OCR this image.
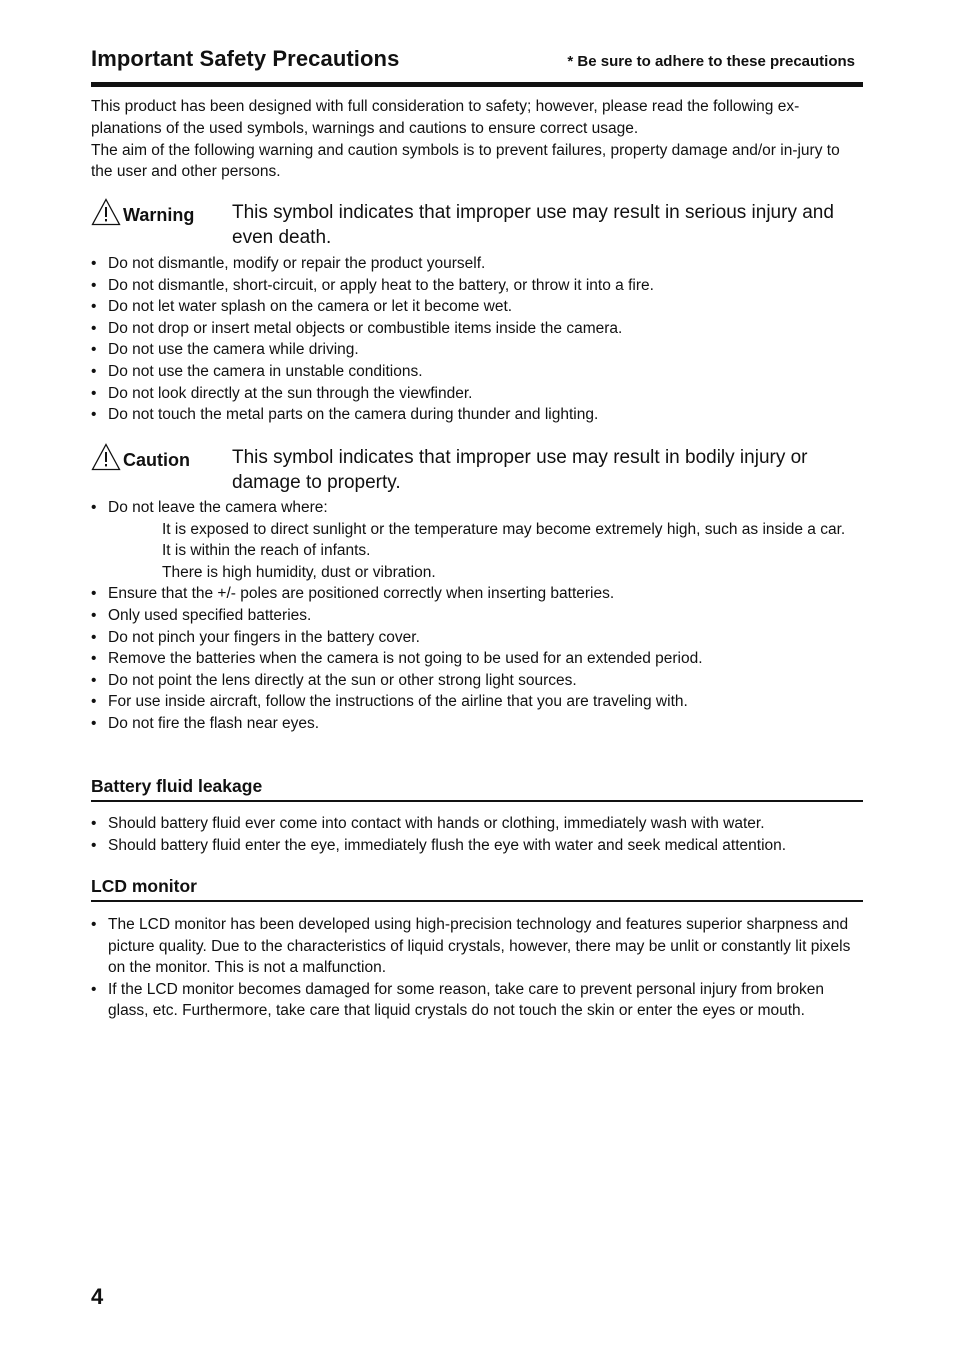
Important Safety Precautions	* Be sure to adhere to these precautions

This product has been designed with full consideration to safety; however, please read the following ex-planations of the used symbols, warnings and cautions to ensure correct usage.

The aim of the following warning and caution symbols is to prevent failures, property damage and/or in-jury to the user and other persons.

Warning This symbol indicates that improper use may result in serious injury and even death.
• Do not dismantle, modify or repair the product yourself.
• Do not dismantle, short-circuit, or apply heat to the battery, or throw it into a fire.
• Do not let water splash on the camera or let it become wet.
• Do not drop or insert metal objects or combustible items inside the camera.
• Do not use the camera while driving.
• Do not use the camera in unstable conditions.
• Do not look directly at the sun through the viewfinder.
• Do not touch the metal parts on the camera during thunder and lighting.
Caution This symbol indicates that improper use may result in bodily injury or damage to property.
• Do not leave the camera where:
It is exposed to direct sunlight or the temperature may become extremely high, such as inside a car.
It is within the reach of infants.
There is high humidity, dust or vibration.
• Ensure that the +/- poles are positioned correctly when inserting batteries.
• Only used specified batteries.
• Do not pinch your fingers in the battery cover.
• Remove the batteries when the camera is not going to be used for an extended period.
• Do not point the lens directly at the sun or other strong light sources.
• For use inside aircraft, follow the instructions of the airline that you are traveling with.
• Do not fire the flash near eyes.
Battery fluid leakage
• Should battery fluid ever come into contact with hands or clothing, immediately wash with water.
• Should battery fluid enter the eye, immediately flush the eye with water and seek medical attention.
LCD monitor
• The LCD monitor has been developed using high-precision technology and features superior sharpness and picture quality. Due to the characteristics of liquid crystals, however, there may be unlit or constantly lit pixels on the monitor. This is not a malfunction.
• If the LCD monitor becomes damaged for some reason, take care to prevent personal injury from broken glass, etc. Furthermore, take care that liquid crystals do not touch the skin or enter the eyes or mouth.
4
